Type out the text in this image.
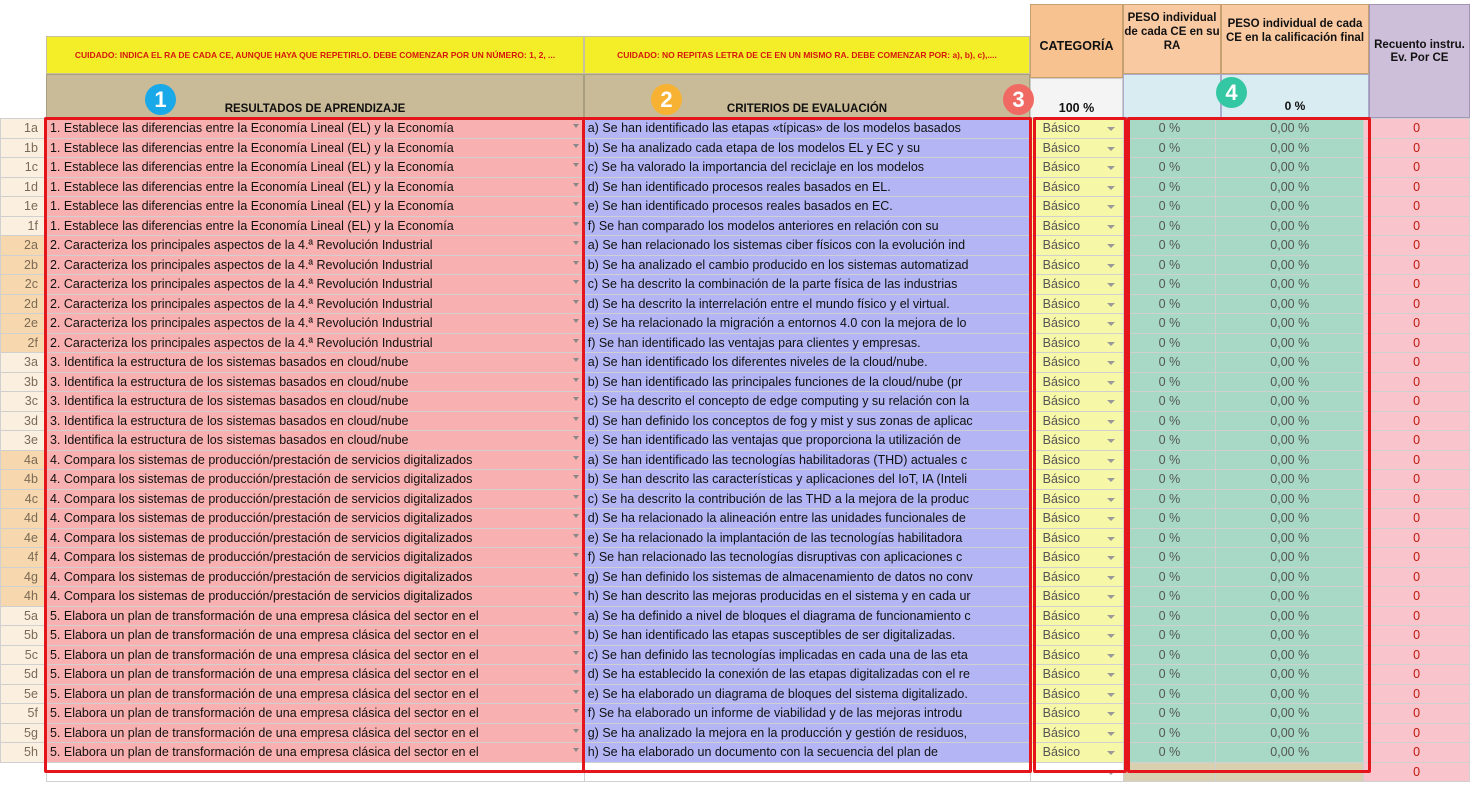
CUIDADO: INDICA EL RA DE CADA CE, AUNQUE HAYA QUE REPETIRLO. DEBE COMENZAR POR UN NÚMERO: 1, 2, ...	CUIDADO: NO REPITAS LETRA DE CE EN UN MISMO RA. DEBE COMENZAR POR: a), b), c),....
RESULTADOS DE APRENDIZAJE	CRITERIOS DE EVALUACIÓN
CATEGORÍA
100 %
PESO individual de cada CE en su RA
PESO individual de cada CE en la calificación final
0 %
Recuento instru. Ev. Por CE
1	2	3	4
1a	1. Establece las diferencias entre la Economía Lineal (EL) y la Economía	a) Se han identificado las etapas «típicas» de los modelos basados	Básico	0 %	0,00 %	0
1b	1. Establece las diferencias entre la Economía Lineal (EL) y la Economía	b) Se ha analizado cada etapa de los modelos EL y EC y su	Básico	0 %	0,00 %	0
1c	1. Establece las diferencias entre la Economía Lineal (EL) y la Economía	c) Se ha valorado la importancia del reciclaje en los modelos	Básico	0 %	0,00 %	0
1d	1. Establece las diferencias entre la Economía Lineal (EL) y la Economía	d) Se han identificado procesos reales basados en EL.	Básico	0 %	0,00 %	0
1e	1. Establece las diferencias entre la Economía Lineal (EL) y la Economía	e) Se han identificado procesos reales basados en EC.	Básico	0 %	0,00 %	0
1f	1. Establece las diferencias entre la Economía Lineal (EL) y la Economía	f) Se han comparado los modelos anteriores en relación con su	Básico	0 %	0,00 %	0
2a	2. Caracteriza los principales aspectos de la 4.ª Revolución Industrial	a) Se han relacionado los sistemas ciber físicos con la evolución ind	Básico	0 %	0,00 %	0
2b	2. Caracteriza los principales aspectos de la 4.ª Revolución Industrial	b) Se ha analizado el cambio producido en los sistemas automatizad	Básico	0 %	0,00 %	0
2c	2. Caracteriza los principales aspectos de la 4.ª Revolución Industrial	c) Se ha descrito la combinación de la parte física de las industrias	Básico	0 %	0,00 %	0
2d	2. Caracteriza los principales aspectos de la 4.ª Revolución Industrial	d) Se ha descrito la interrelación entre el mundo físico y el virtual.	Básico	0 %	0,00 %	0
2e	2. Caracteriza los principales aspectos de la 4.ª Revolución Industrial	e) Se ha relacionado la migración a entornos 4.0 con la mejora de lo	Básico	0 %	0,00 %	0
2f	2. Caracteriza los principales aspectos de la 4.ª Revolución Industrial	f) Se han identificado las ventajas para clientes y empresas.	Básico	0 %	0,00 %	0
3a	3. Identifica la estructura de los sistemas basados en cloud/nube	a) Se han identificado los diferentes niveles de la cloud/nube.	Básico	0 %	0,00 %	0
3b	3. Identifica la estructura de los sistemas basados en cloud/nube	b) Se han identificado las principales funciones de la cloud/nube (pr	Básico	0 %	0,00 %	0
3c	3. Identifica la estructura de los sistemas basados en cloud/nube	c) Se ha descrito el concepto de edge computing y su relación con la	Básico	0 %	0,00 %	0
3d	3. Identifica la estructura de los sistemas basados en cloud/nube	d) Se han definido los conceptos de fog y mist y sus zonas de aplicac	Básico	0 %	0,00 %	0
3e	3. Identifica la estructura de los sistemas basados en cloud/nube	e) Se han identificado las ventajas que proporciona la utilización de	Básico	0 %	0,00 %	0
4a	4. Compara los sistemas de producción/prestación de servicios digitalizados	a) Se han identificado las tecnologías habilitadoras (THD) actuales c	Básico	0 %	0,00 %	0
4b	4. Compara los sistemas de producción/prestación de servicios digitalizados	b) Se han descrito las características y aplicaciones del IoT, IA (Inteli	Básico	0 %	0,00 %	0
4c	4. Compara los sistemas de producción/prestación de servicios digitalizados	c) Se ha descrito la contribución de las THD a la mejora de la produc	Básico	0 %	0,00 %	0
4d	4. Compara los sistemas de producción/prestación de servicios digitalizados	d) Se ha relacionado la alineación entre las unidades funcionales de	Básico	0 %	0,00 %	0
4e	4. Compara los sistemas de producción/prestación de servicios digitalizados	e) Se ha relacionado la implantación de las tecnologías habilitadora	Básico	0 %	0,00 %	0
4f	4. Compara los sistemas de producción/prestación de servicios digitalizados	f) Se han relacionado las tecnologías disruptivas con aplicaciones c	Básico	0 %	0,00 %	0
4g	4. Compara los sistemas de producción/prestación de servicios digitalizados	g) Se han definido los sistemas de almacenamiento de datos no conv	Básico	0 %	0,00 %	0
4h	4. Compara los sistemas de producción/prestación de servicios digitalizados	h) Se han descrito las mejoras producidas en el sistema y en cada ur	Básico	0 %	0,00 %	0
5a	5. Elabora un plan de transformación de una empresa clásica del sector en el	a) Se ha definido a nivel de bloques el diagrama de funcionamiento c	Básico	0 %	0,00 %	0
5b	5. Elabora un plan de transformación de una empresa clásica del sector en el	b) Se han identificado las etapas susceptibles de ser digitalizadas.	Básico	0 %	0,00 %	0
5c	5. Elabora un plan de transformación de una empresa clásica del sector en el	c) Se han definido las tecnologías implicadas en cada una de las eta	Básico	0 %	0,00 %	0
5d	5. Elabora un plan de transformación de una empresa clásica del sector en el	d) Se ha establecido la conexión de las etapas digitalizadas con el re	Básico	0 %	0,00 %	0
5e	5. Elabora un plan de transformación de una empresa clásica del sector en el	e) Se ha elaborado un diagrama de bloques del sistema digitalizado.	Básico	0 %	0,00 %	0
5f	5. Elabora un plan de transformación de una empresa clásica del sector en el	f) Se ha elaborado un informe de viabilidad y de las mejoras introdu	Básico	0 %	0,00 %	0
5g	5. Elabora un plan de transformación de una empresa clásica del sector en el	g) Se ha analizado la mejora en la producción y gestión de residuos,	Básico	0 %	0,00 %	0
5h	5. Elabora un plan de transformación de una empresa clásica del sector en el	h) Se ha elaborado un documento con la secuencia del plan de	Básico	0 %	0,00 %	0

			0
